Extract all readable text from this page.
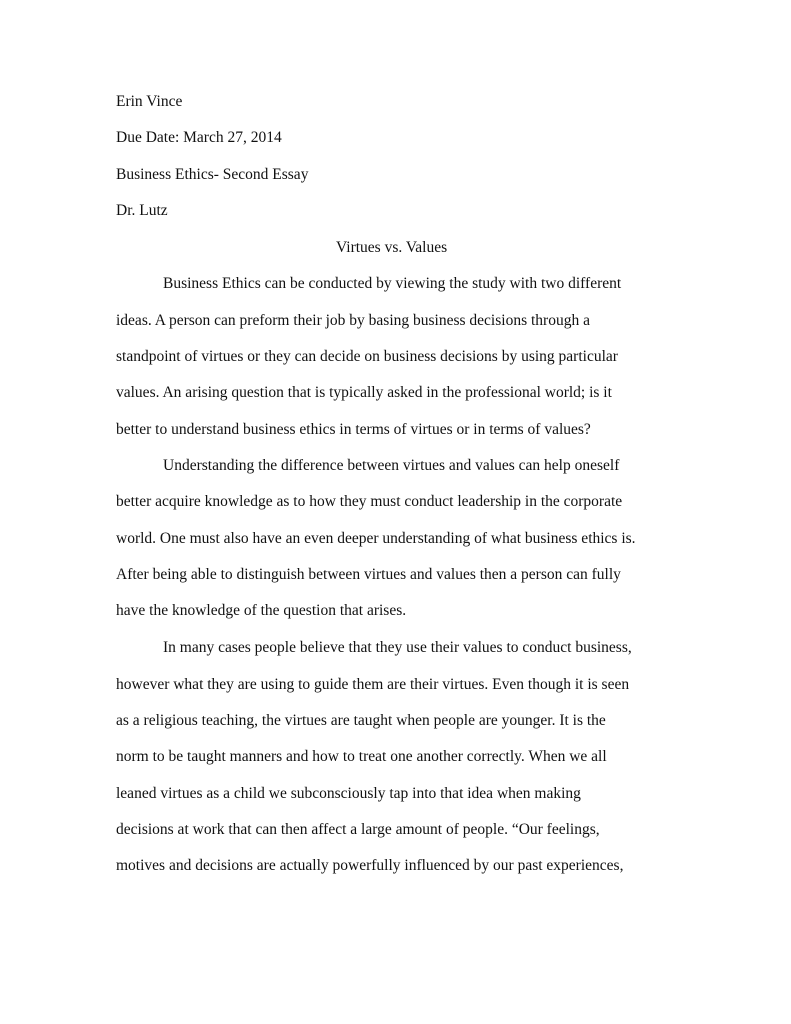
Erin Vince
Due Date: March 27, 2014
Business Ethics- Second Essay
Dr. Lutz
Virtues vs. Values
Business Ethics can be conducted by viewing the study with two different
ideas. A person can preform their job by basing business decisions through a
standpoint of virtues or they can decide on business decisions by using particular
values. An arising question that is typically asked in the professional world; is it
better to understand business ethics in terms of virtues or in terms of values?
Understanding the difference between virtues and values can help oneself
better acquire knowledge as to how they must conduct leadership in the corporate
world. One must also have an even deeper understanding of what business ethics is.
After being able to distinguish between virtues and values then a person can fully
have the knowledge of the question that arises.
In many cases people believe that they use their values to conduct business,
however what they are using to guide them are their virtues. Even though it is seen
as a religious teaching, the virtues are taught when people are younger. It is the
norm to be taught manners and how to treat one another correctly. When we all
leaned virtues as a child we subconsciously tap into that idea when making
decisions at work that can then affect a large amount of people. “Our feelings,
motives and decisions are actually powerfully influenced by our past experiences,
